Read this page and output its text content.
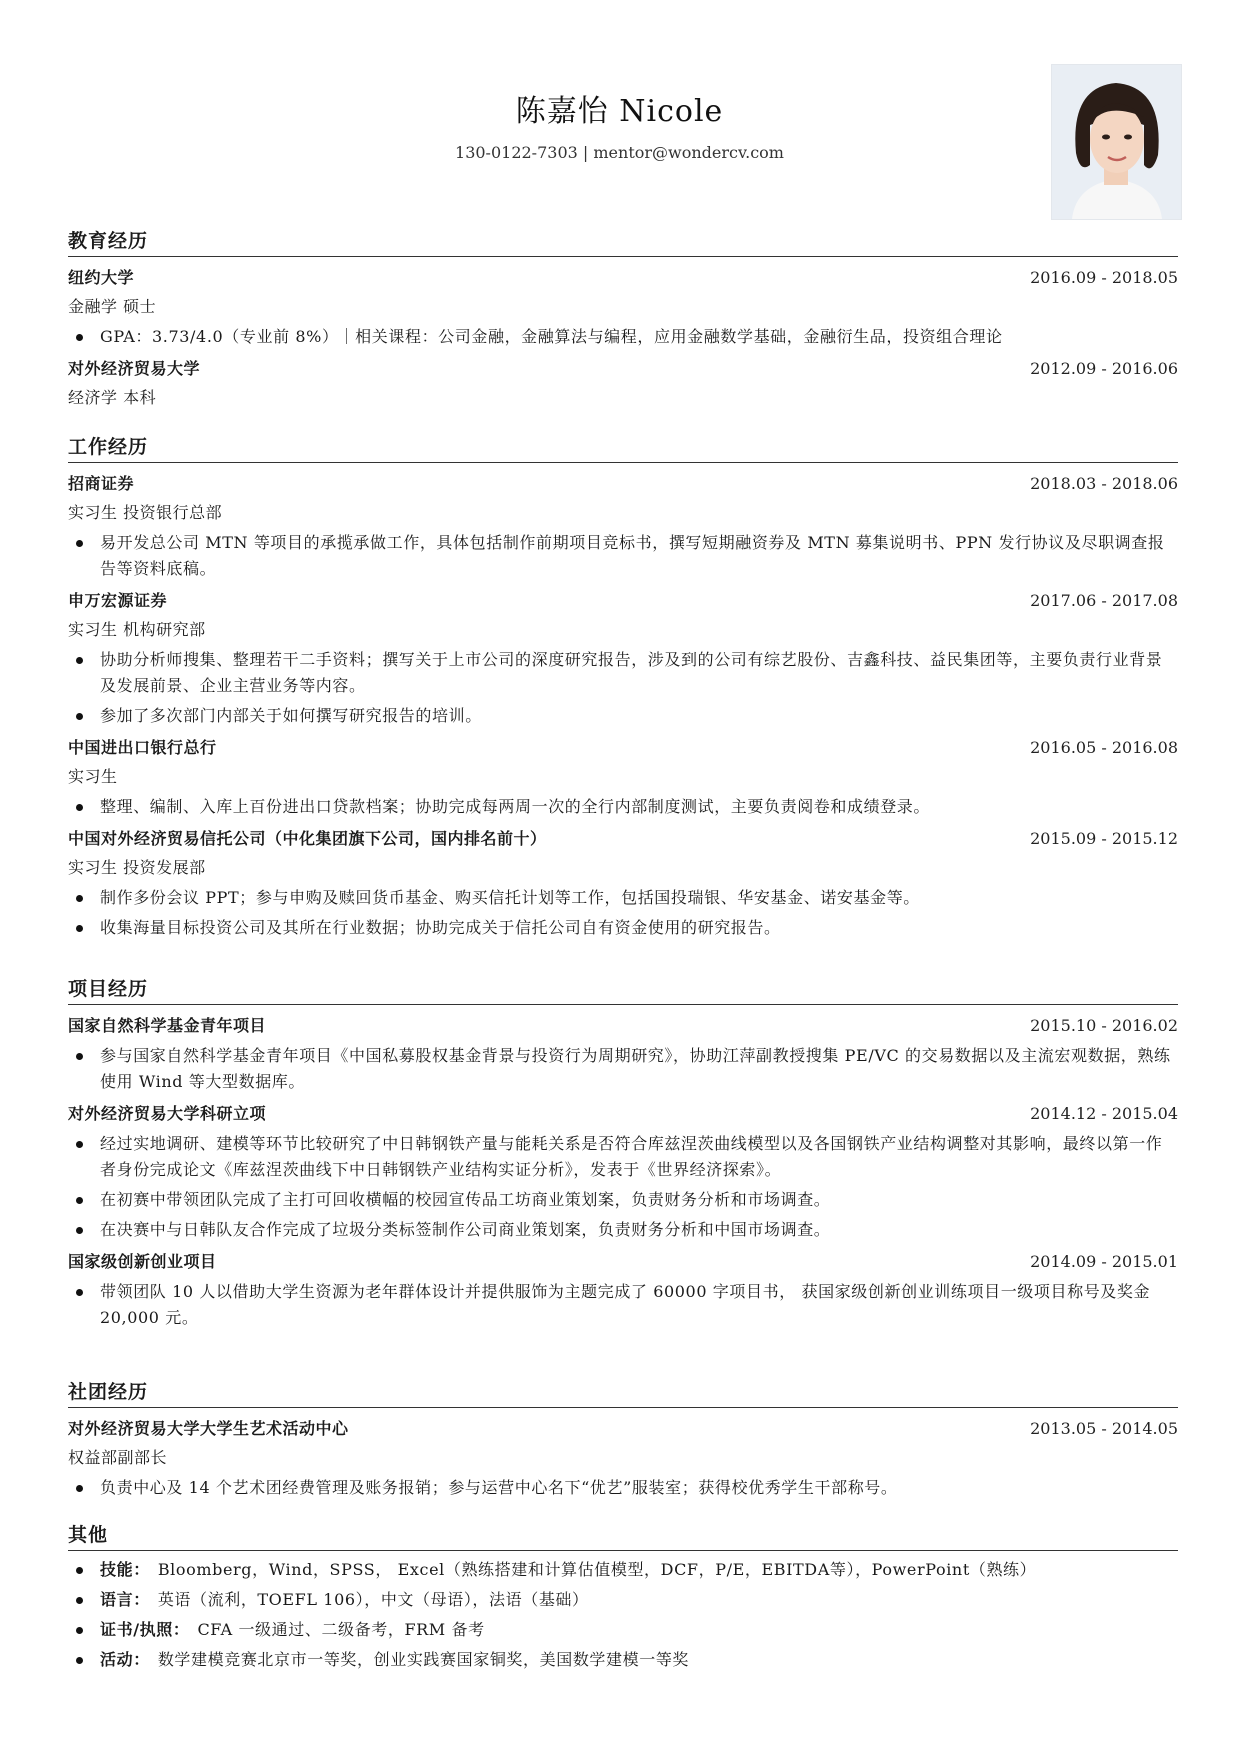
陈嘉怡 Nicole
130-0122-7303 | mentor@wondercv.com
教育经历
纽约大学	2016.09 - 2018.05
金融学 硕士
GPA：3.73/4.0（专业前 8%）｜相关课程：公司金融，金融算法与编程，应用金融数学基础，金融衍生品，投资组合理论
对外经济贸易大学	2012.09 - 2016.06
经济学 本科
工作经历
招商证券	2018.03 - 2018.06
实习生 投资银行总部
易开发总公司 MTN 等项目的承揽承做工作，具体包括制作前期项目竞标书，撰写短期融资券及 MTN 募集说明书、PPN 发行协议及尽职调查报告等资料底稿。
申万宏源证券	2017.06 - 2017.08
实习生 机构研究部
协助分析师搜集、整理若干二手资料；撰写关于上市公司的深度研究报告，涉及到的公司有综艺股份、吉鑫科技、益民集团等，主要负责行业背景及发展前景、企业主营业务等内容。
参加了多次部门内部关于如何撰写研究报告的培训。
中国进出口银行总行	2016.05 - 2016.08
实习生
整理、编制、入库上百份进出口贷款档案；协助完成每两周一次的全行内部制度测试，主要负责阅卷和成绩登录。
中国对外经济贸易信托公司（中化集团旗下公司，国内排名前十）	2015.09 - 2015.12
实习生 投资发展部
制作多份会议 PPT；参与申购及赎回货币基金、购买信托计划等工作，包括国投瑞银、华安基金、诺安基金等。
收集海量目标投资公司及其所在行业数据；协助完成关于信托公司自有资金使用的研究报告。
项目经历
国家自然科学基金青年项目	2015.10 - 2016.02
参与国家自然科学基金青年项目《中国私募股权基金背景与投资行为周期研究》，协助江萍副教授搜集 PE/VC 的交易数据以及主流宏观数据，熟练使用 Wind 等大型数据库。
对外经济贸易大学科研立项	2014.12 - 2015.04
经过实地调研、建模等环节比较研究了中日韩钢铁产量与能耗关系是否符合库兹涅茨曲线模型以及各国钢铁产业结构调整对其影响，最终以第一作者身份完成论文《库兹涅茨曲线下中日韩钢铁产业结构实证分析》，发表于《世界经济探索》。
在初赛中带领团队完成了主打可回收横幅的校园宣传品工坊商业策划案，负责财务分析和市场调查。
在决赛中与日韩队友合作完成了垃圾分类标签制作公司商业策划案，负责财务分析和中国市场调查。
国家级创新创业项目	2014.09 - 2015.01
带领团队 10 人以借助大学生资源为老年群体设计并提供服饰为主题完成了 60000 字项目书， 获国家级创新创业训练项目一级项目称号及奖金 20,000 元。
社团经历
对外经济贸易大学大学生艺术活动中心	2013.05 - 2014.05
权益部副部长
负责中心及 14 个艺术团经费管理及账务报销；参与运营中心名下“优艺”服装室；获得校优秀学生干部称号。
其他
技能： Bloomberg，Wind，SPSS， Excel（熟练搭建和计算估值模型，DCF，P/E，EBITDA等），PowerPoint（熟练）
语言： 英语（流利，TOEFL 106），中文（母语），法语（基础）
证书/执照： CFA 一级通过、二级备考，FRM 备考
活动： 数学建模竞赛北京市一等奖，创业实践赛国家铜奖，美国数学建模一等奖
